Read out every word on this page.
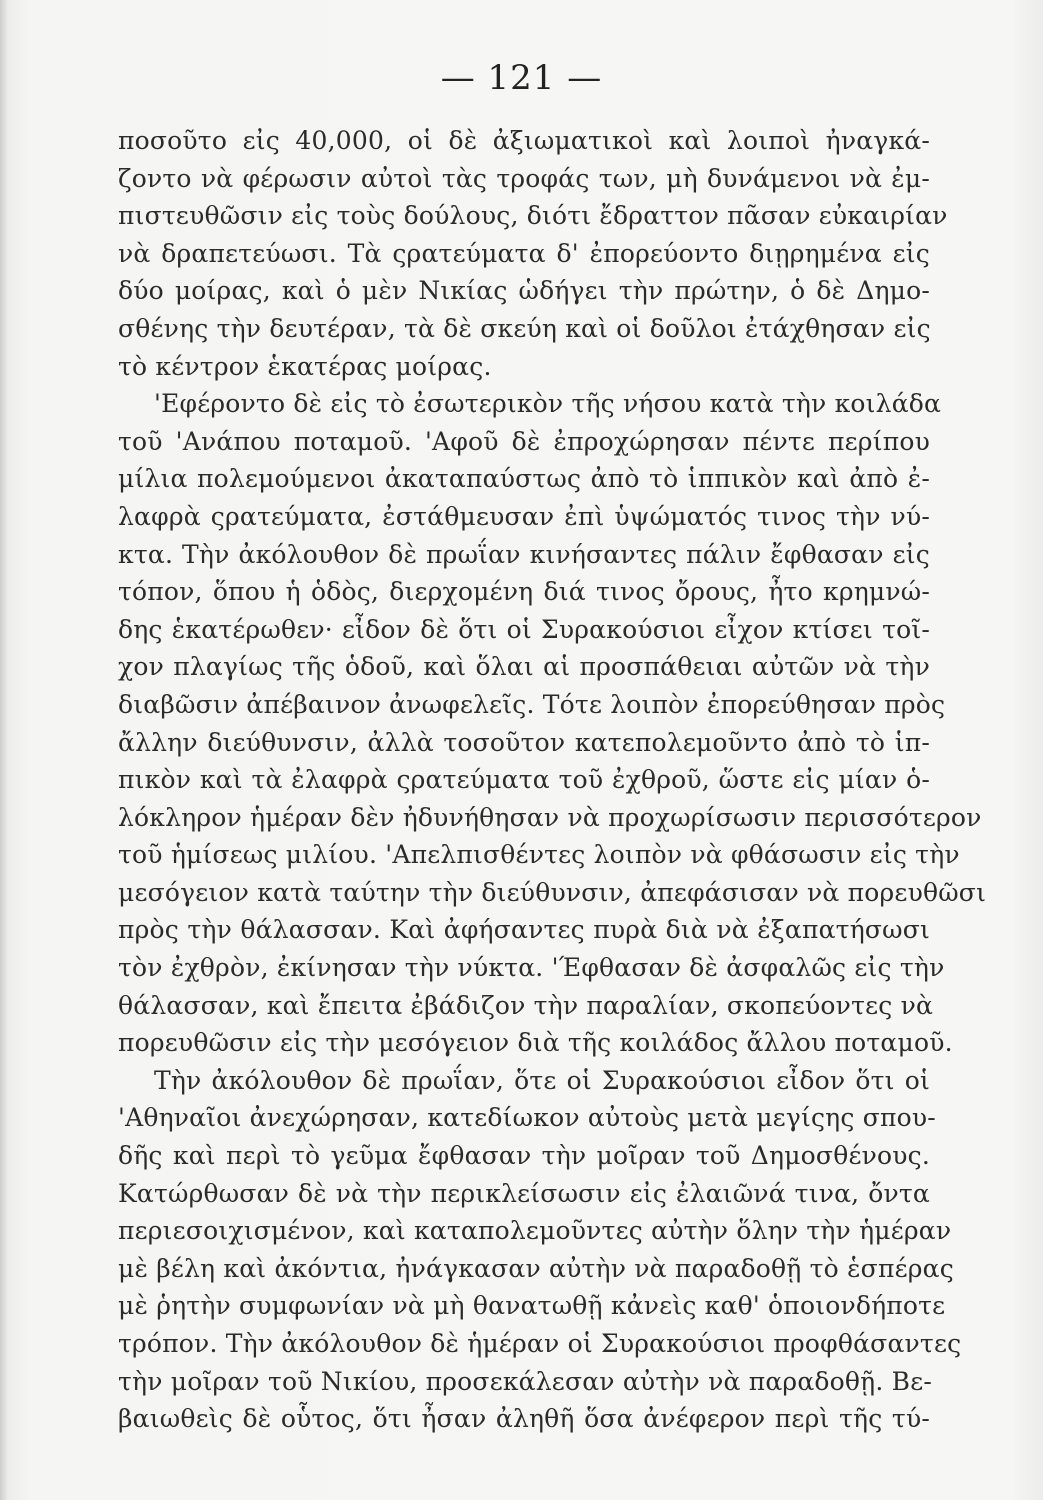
— 121 —
ποσοῦτο εἰς 40,000, οἱ δὲ ἀξιωματικοὶ καὶ λοιποὶ ἠναγκά-
ζοντο νὰ φέρωσιν αὐτοὶ τὰς τροφάς των, μὴ δυνάμενοι νὰ ἐμ-
πιστευθῶσιν εἰς τοὺς δούλους, διότι ἔδραττον πᾶσαν εὐκαιρίαν
νὰ δραπετεύωσι. Τὰ ςρατεύματα δ' ἐπορεύοντο διῃρημένα εἰς
δύο μοίρας, καὶ ὁ μὲν Νικίας ὡδήγει τὴν πρώτην, ὁ δὲ Δημο-
σθένης τὴν δευτέραν, τὰ δὲ σκεύη καὶ οἱ δοῦλοι ἐτάχθησαν εἰς
τὸ κέντρον ἑκατέρας μοίρας.
'Εφέροντο δὲ εἰς τὸ ἐσωτερικὸν τῆς νήσου κατὰ τὴν κοιλάδα
τοῦ 'Ανάπου ποταμοῦ. 'Αφοῦ δὲ ἐπροχώρησαν πέντε περίπου
μίλια πολεμούμενοι ἀκαταπαύστως ἀπὸ τὸ ἱππικὸν καὶ ἀπὸ ἐ-
λαφρὰ ςρατεύματα, ἐστάθμευσαν ἐπὶ ὑψώματός τινος τὴν νύ-
κτα. Τὴν ἀκόλουθον δὲ πρωΐαν κινήσαντες πάλιν ἔφθασαν εἰς
τόπον, ὅπου ἡ ὁδὸς, διερχομένη διά τινος ὄρους, ἦτο κρημνώ-
δης ἑκατέρωθεν· εἶδον δὲ ὅτι οἱ Συρακούσιοι εἶχον κτίσει τοῖ-
χον πλαγίως τῆς ὁδοῦ, καὶ ὅλαι αἱ προσπάθειαι αὐτῶν νὰ τὴν
διαβῶσιν ἀπέβαινον ἀνωφελεῖς. Τότε λοιπὸν ἐπορεύθησαν πρὸς
ἄλλην διεύθυνσιν, ἀλλὰ τοσοῦτον κατεπολεμοῦντο ἀπὸ τὸ ἱπ-
πικὸν καὶ τὰ ἐλαφρὰ ςρατεύματα τοῦ ἐχθροῦ, ὥστε εἰς μίαν ὁ-
λόκληρον ἡμέραν δὲν ἠδυνήθησαν νὰ προχωρίσωσιν περισσότερον
τοῦ ἡμίσεως μιλίου. 'Απελπισθέντες λοιπὸν νὰ φθάσωσιν εἰς τὴν
μεσόγειον κατὰ ταύτην τὴν διεύθυνσιν, ἀπεφάσισαν νὰ πορευθῶσι
πρὸς τὴν θάλασσαν. Καὶ ἀφήσαντες πυρὰ διὰ νὰ ἐξαπατήσωσι
τὸν ἐχθρὸν, ἐκίνησαν τὴν νύκτα. 'Έφθασαν δὲ ἀσφαλῶς εἰς τὴν
θάλασσαν, καὶ ἔπειτα ἐβάδιζον τὴν παραλίαν, σκοπεύοντες νὰ
πορευθῶσιν εἰς τὴν μεσόγειον διὰ τῆς κοιλάδος ἄλλου ποταμοῦ.
Τὴν ἀκόλουθον δὲ πρωΐαν, ὅτε οἱ Συρακούσιοι εἶδον ὅτι οἱ
'Αθηναῖοι ἀνεχώρησαν, κατεδίωκον αὐτοὺς μετὰ μεγίςης σπου-
δῆς καὶ περὶ τὸ γεῦμα ἔφθασαν τὴν μοῖραν τοῦ Δημοσθένους.
Κατώρθωσαν δὲ νὰ τὴν περικλείσωσιν εἰς ἐλαιῶνά τινα, ὄντα
περιεσοιχισμένον, καὶ καταπολεμοῦντες αὐτὴν ὅλην τὴν ἡμέραν
μὲ βέλη καὶ ἀκόντια, ἠνάγκασαν αὐτὴν νὰ παραδοθῇ τὸ ἑσπέρας
μὲ ῥητὴν συμφωνίαν νὰ μὴ θανατωθῇ κἀνεὶς καθ' ὁποιονδήποτε
τρόπον. Τὴν ἀκόλουθον δὲ ἡμέραν οἱ Συρακούσιοι προφθάσαντες
τὴν μοῖραν τοῦ Νικίου, προσεκάλεσαν αὐτὴν νὰ παραδοθῇ. Βε-
βαιωθεὶς δὲ οὗτος, ὅτι ἦσαν ἀληθῆ ὅσα ἀνέφερον περὶ τῆς τύ-
